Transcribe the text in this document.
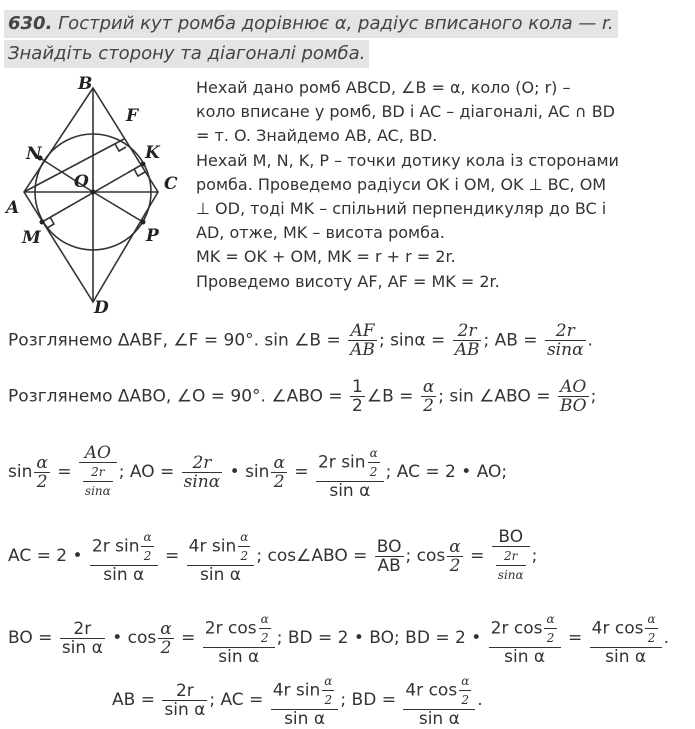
630. Гострий кут ромба дорівнює α, радіус вписаного кола — r.
Знайдіть сторону та діагоналі ромба.
B
F
N	K
O	C
A
M	P
D
Нехай дано ромб ABCD, ∠B = α, коло (O; r) –
коло вписане у ромб, BD і AC – діагоналі, AC ∩ BD
= т. O. Знайдемо AB, AC, BD.
Нехай M, N, K, P – точки дотику кола із сторонами
ромба. Проведемо радіуси OK і OM, OK ⊥ BC, OM
⊥ OD, тоді MK – спільний перпендикуляр до BC і
AD, отже, MK – висота ромба.
MK = OK + OM, MK = r + r = 2r.
Проведемо висоту AF, AF = MK = 2r.
Розглянемо ΔABF, ∠F = 90°. sin ∠B = $\frac{AF}{AB}$ ; $\sin\alpha = \frac{2r}{AB}$ ; AB = $\frac{2r}{\sin\alpha}$ .
Розглянемо ΔABO, ∠O = 90°. ∠ABO = $\frac{1}{2}$ ∠B = $\frac{\alpha}{2}$ ; sin ∠ABO = $\frac{AO}{BO}$ ;
$\sin \frac{\alpha}{2} = \frac{AO}{\frac{2r}{\sin\alpha}}$ ; AO = $\frac{2r}{\sin\alpha}$ • $\sin \frac{\alpha}{2} = \frac{2r \sin \frac{\alpha}{2}}{\text{sin α}}$ ; AC = 2 • AO;
AC = 2 • $\frac{2r \sin \frac{\alpha}{2}}{\text{sin α}} = \frac{4r \sin \frac{\alpha}{2}}{\text{sin α}}$ ; cos∠ABO = $\frac{BO}{AB}$ ; $\cos \frac{\alpha}{2} = \frac{BO}{\frac{2r}{\sin\alpha}}$ ;
BO = $\frac{2r}{\text{sin α}}$ • $\cos \frac{\alpha}{2} = \frac{2r \cos \frac{\alpha}{2}}{\text{sin α}}$ ; BD = 2 • BO; BD = 2 • $\frac{2r \cos \frac{\alpha}{2}}{\text{sin α}} = \frac{4r \cos \frac{\alpha}{2}}{\text{sin α}}$ .
AB = $\frac{2r}{\text{sin α}}$ ; AC = $\frac{4r \sin \frac{\alpha}{2}}{\text{sin α}}$ ; BD = $\frac{4r \cos \frac{\alpha}{2}}{\text{sin α}}$ .
